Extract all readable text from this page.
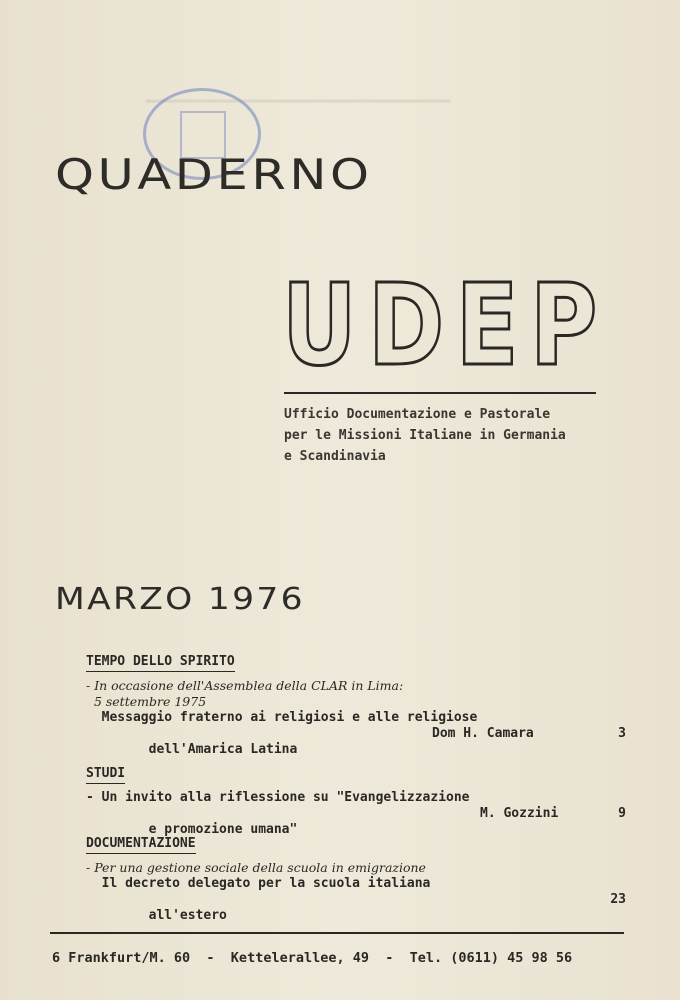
▬▬▬▬▬▬▬▬▬▬▬▬▬▬▬▬▬▬▬▬▬▬▬▬▬▬▬▬▬▬▬▬▬▬▬▬▬▬▬▬▬▬▬▬▬▬

QUADERNO
UDEP
Ufficio Documentazione e Pastorale
per le Missioni Italiane in Germania
e Scandinavia
MARZO 1976
TEMPO DELLO SPIRITO
- In occasione dell'Assemblea della CLAR in Lima:
5 settembre 1975
Messaggio fraterno ai religiosi e alle religiose

dell'Amarica Latina

Dom H. Camara

	3

STUDI
- Un invito alla riflessione su "Evangelizzazione

e promozione umana"

M. Gozzini

	9

DOCUMENTAZIONE
- Per una gestione sociale della scuola in emigrazione
Il decreto delegato per la scuola italiana

all'estero

23

6 Frankfurt/M. 60  -  Kettelerallee, 49  -  Tel. (0611) 45 98 56
